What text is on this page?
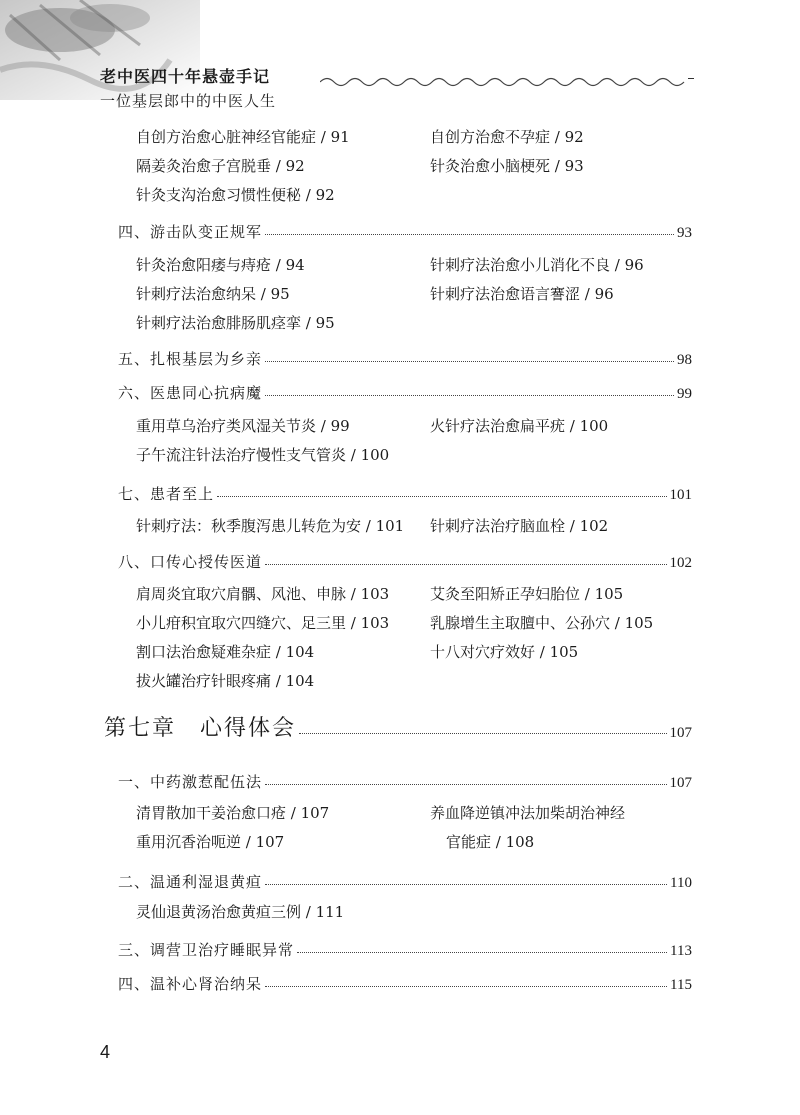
老中医四十年悬壶手记
一位基层郎中的中医人生
自创方治愈心脏神经官能症 / 91	自创方治愈不孕症 / 92
隔姜灸治愈子宫脱垂 / 92	针灸治愈小脑梗死 / 93
针灸支沟治愈习惯性便秘 / 92
四、游击队变正规军	93
针灸治愈阳痿与痔疮 / 94	针刺疗法治愈小儿消化不良 / 96
针刺疗法治愈纳呆 / 95	针刺疗法治愈语言謇涩 / 96
针刺疗法治愈腓肠肌痉挛 / 95
五、扎根基层为乡亲	98
六、医患同心抗病魔	99
重用草乌治疗类风湿关节炎 / 99	火针疗法治愈扁平疣 / 100
子午流注针法治疗慢性支气管炎 / 100
七、患者至上	101
针刺疗法：秋季腹泻患儿转危为安 / 101 针刺疗法治疗脑血栓 / 102
八、口传心授传医道	102
肩周炎宜取穴肩髃、风池、申脉 / 103	艾灸至阳矫正孕妇胎位 / 105
小儿疳积宜取穴四缝穴、足三里 / 103	乳腺增生主取膻中、公孙穴 / 105
割口法治愈疑难杂症 / 104	十八对穴疗效好 / 105
拔火罐治疗针眼疼痛 / 104
第七章　心得体会	107
一、中药激惹配伍法	107
清胃散加干姜治愈口疮 / 107	养血降逆镇冲法加柴胡治神经
重用沉香治呃逆 / 107	官能症 / 108
二、温通利湿退黄疸	110
灵仙退黄汤治愈黄疸三例 / 111
三、调营卫治疗睡眠异常	113
四、温补心肾治纳呆	115
4
